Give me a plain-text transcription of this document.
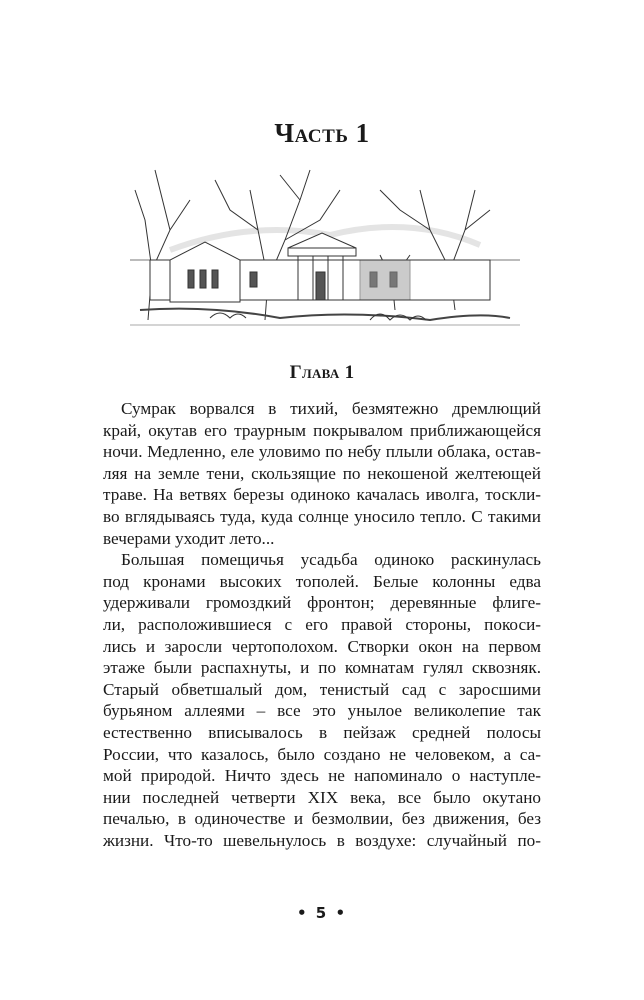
Часть 1
Глава 1
Сумрак ворвался в тихий, безмятежно дремлющий
край, окутав его траурным покрывалом приближающейся
ночи. Медленно, еле уловимо по небу плыли облака, остав-
ляя на земле тени, скользящие по некошеной желтеющей
траве. На ветвях березы одиноко качалась иволга, тоскли-
во вглядываясь туда, куда солнце уносило тепло. С такими
вечерами уходит лето...
Большая помещичья усадьба одиноко раскинулась
под кронами высоких тополей. Белые колонны едва
удерживали громоздкий фронтон; деревянные флиге-
ли, расположившиеся с его правой стороны, покоси-
лись и заросли чертополохом. Створки окон на первом
этаже были распахнуты, и по комнатам гулял сквозняк.
Старый обветшалый дом, тенистый сад с заросшими
бурьяном аллеями – все это унылое великолепие так
естественно вписывалось в пейзаж средней полосы
России, что казалось, было создано не человеком, а са-
мой природой. Ничто здесь не напоминало о наступле-
нии последней четверти XIX века, все было окутано
печалью, в одиночестве и безмолвии, без движения, без
жизни. Что-то шевельнулось в воздухе: случайный по-
• 5 •
